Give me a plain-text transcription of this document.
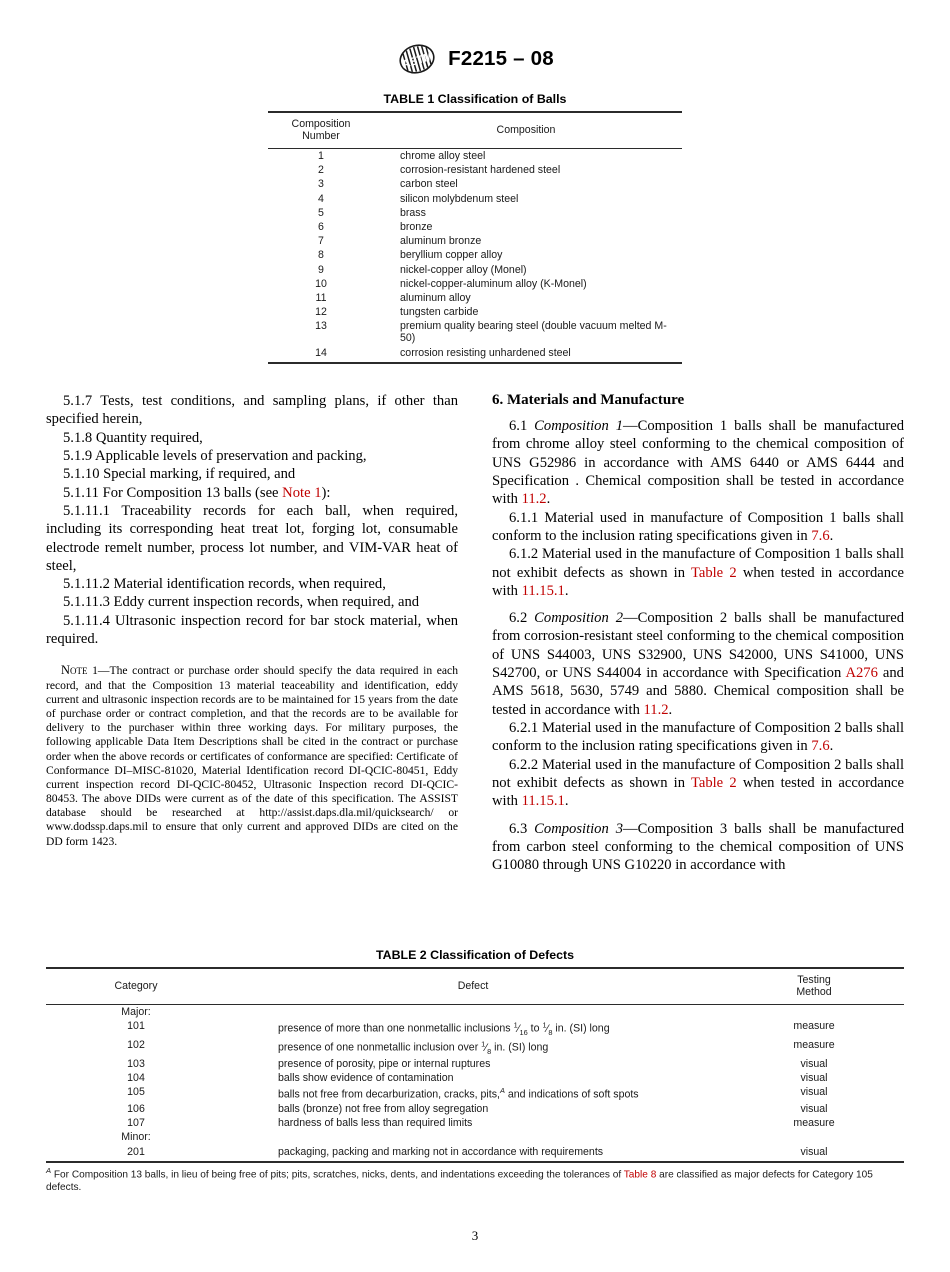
ASTM F2215 – 08
TABLE 1 Classification of Balls
Composition
Number	Composition
1	chrome alloy steel
2	corrosion-resistant hardened steel
3	carbon steel
4	silicon molybdenum steel
5	brass
6	bronze
7	aluminum bronze
8	beryllium copper alloy
9	nickel-copper alloy (Monel)
10	nickel-copper-aluminum alloy (K-Monel)
11	aluminum alloy
12	tungsten carbide
13	premium quality bearing steel (double vacuum melted M-50)
14	corrosion resisting unhardened steel

5.1.7 Tests, test conditions, and sampling plans, if other than specified herein,

5.1.8 Quantity required,

5.1.9 Applicable levels of preservation and packing,

5.1.10 Special marking, if required, and

5.1.11 For Composition 13 balls (see Note 1):

5.1.11.1 Traceability records for each ball, when required, including its corresponding heat treat lot, forging lot, consumable electrode remelt number, process lot number, and VIM-VAR heat of steel,

5.1.11.2 Material identification records, when required,

5.1.11.3 Eddy current inspection records, when required, and

5.1.11.4 Ultrasonic inspection record for bar stock material, when required.

Note 1—The contract or purchase order should specify the data required in each record, and that the Composition 13 material teaceability and identification, eddy current and ultrasonic inspection records are to be maintained for 15 years from the date of purchase order or contract completion, and that the records are to be available for delivery to the purchaser within three working days. For military purposes, the following applicable Data Item Descriptions shall be cited in the contract or purchase order when the above records or certificates of conformance are specified: Certificate of Conformance DI–MISC-81020, Material Identification record DI-QCIC-80451, Eddy current inspection record DI-QCIC-80452, Ultrasonic Inspection record DI-QCIC-80453. The above DIDs were current as of the date of this specification. The ASSIST database should be researched at http://assist.daps.dla.mil/quicksearch/ or www.dodssp.daps.mil to ensure that only current and approved DIDs are cited on the DD form 1423.
6. Materials and Manufacture

6.1 Composition 1—Composition 1 balls shall be manufactured from chrome alloy steel conforming to the chemical composition of UNS G52986 in accordance with AMS 6440 or AMS 6444 and Specification . Chemical composition shall be tested in accordance with 11.2.

6.1.1 Material used in manufacture of Composition 1 balls shall conform to the inclusion rating specifications given in 7.6.

6.1.2 Material used in the manufacture of Composition 1 balls shall not exhibit defects as shown in Table 2 when tested in accordance with 11.15.1.

6.2 Composition 2—Composition 2 balls shall be manufactured from corrosion-resistant steel conforming to the chemical composition of UNS S44003, UNS S32900, UNS S42000, UNS S41000, UNS S42700, or UNS S44004 in accordance with Specification A276 and AMS 5618, 5630, 5749 and 5880. Chemical composition shall be tested in accordance with 11.2.

6.2.1 Material used in the manufacture of Composition 2 balls shall conform to the inclusion rating specifications given in 7.6.

6.2.2 Material used in the manufacture of Composition 2 balls shall not exhibit defects as shown in Table 2 when tested in accordance with 11.15.1.

6.3 Composition 3—Composition 3 balls shall be manufactured from carbon steel conforming to the chemical composition of UNS G10080 through UNS G10220 in accordance with

TABLE 2 Classification of Defects
Category	Defect	Testing
Method
Major:		
101	presence of more than one nonmetallic inclusions $^1⁄_{16}$ to $^1⁄_8$ in. (SI) long	measure
102	presence of one nonmetallic inclusion over $^1⁄_8$ in. (SI) long	measure
103	presence of porosity, pipe or internal ruptures	visual
104	balls show evidence of contamination	visual
105	balls not free from decarburization, cracks, pits,$^A$ and indications of soft spots	visual
106	balls (bronze) not free from alloy segregation	visual
107	hardness of balls less than required limits	measure
Minor:		
201	packaging, packing and marking not in accordance with requirements	visual
$^A$ For Composition 13 balls, in lieu of being free of pits; pits, scratches, nicks, dents, and indentations exceeding the tolerances of Table 8 are classified as major defects for Category 105 defects.
3
